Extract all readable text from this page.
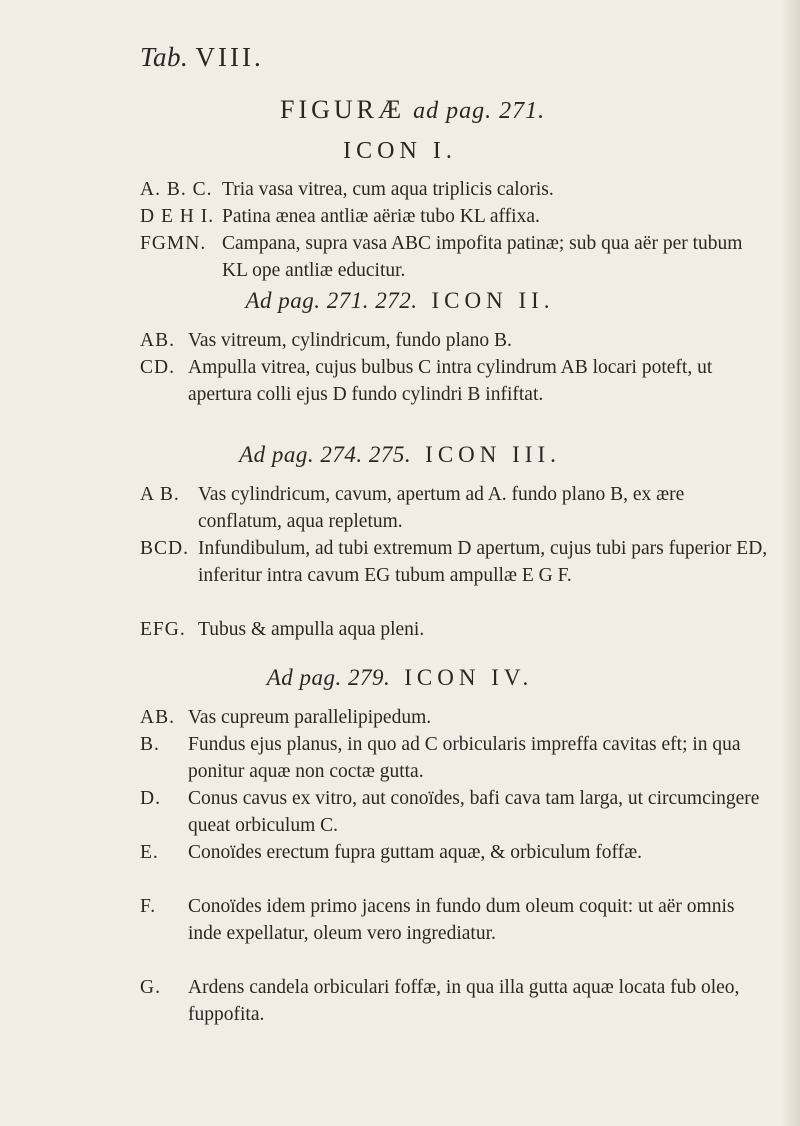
Tab. VIII.
FIGURÆ ad pag. 271.
ICON I.
A. B. C. Tria vasa vitrea, cum aqua triplicis caloris.
D E H I. Patina ænea antliæ aëriæ tubo KL affixa.
FGMN. Campana, supra vasa ABC impofita patinæ; sub qua aër per tubum KL ope antliæ educitur.
Ad pag. 271. 272. ICON II.
AB. Vas vitreum, cylindricum, fundo plano B.
CD. Ampulla vitrea, cujus bulbus C intra cylindrum AB locari poteft, ut apertura colli ejus D fundo cylindri B infiftat.
Ad pag. 274. 275. ICON III.
A B. Vas cylindricum, cavum, apertum ad A. fundo plano B, ex ære conflatum, aqua repletum.
BCD. Infundibulum, ad tubi extremum D apertum, cujus tubi pars fuperior ED, inferitur intra cavum EG tubum ampullæ E G F.
EFG. Tubus & ampulla aqua pleni.
Ad pag. 279. ICON IV.
AB. Vas cupreum parallelipipedum.
B.	Fundus ejus planus, in quo ad C orbicularis impreffa cavitas eft; in qua ponitur aquæ non coctæ gutta.
D.	Conus cavus ex vitro, aut conoïdes, bafi cava tam larga, ut circumcingere queat orbiculum C.
E.	Conoïdes erectum fupra guttam aquæ, & orbiculum foffæ.
F.	Conoïdes idem primo jacens in fundo dum oleum coquit: ut aër omnis inde expellatur, oleum vero ingrediatur.
G.	Ardens candela orbiculari foffæ, in qua illa gutta aquæ locata fub oleo, fuppofita.
